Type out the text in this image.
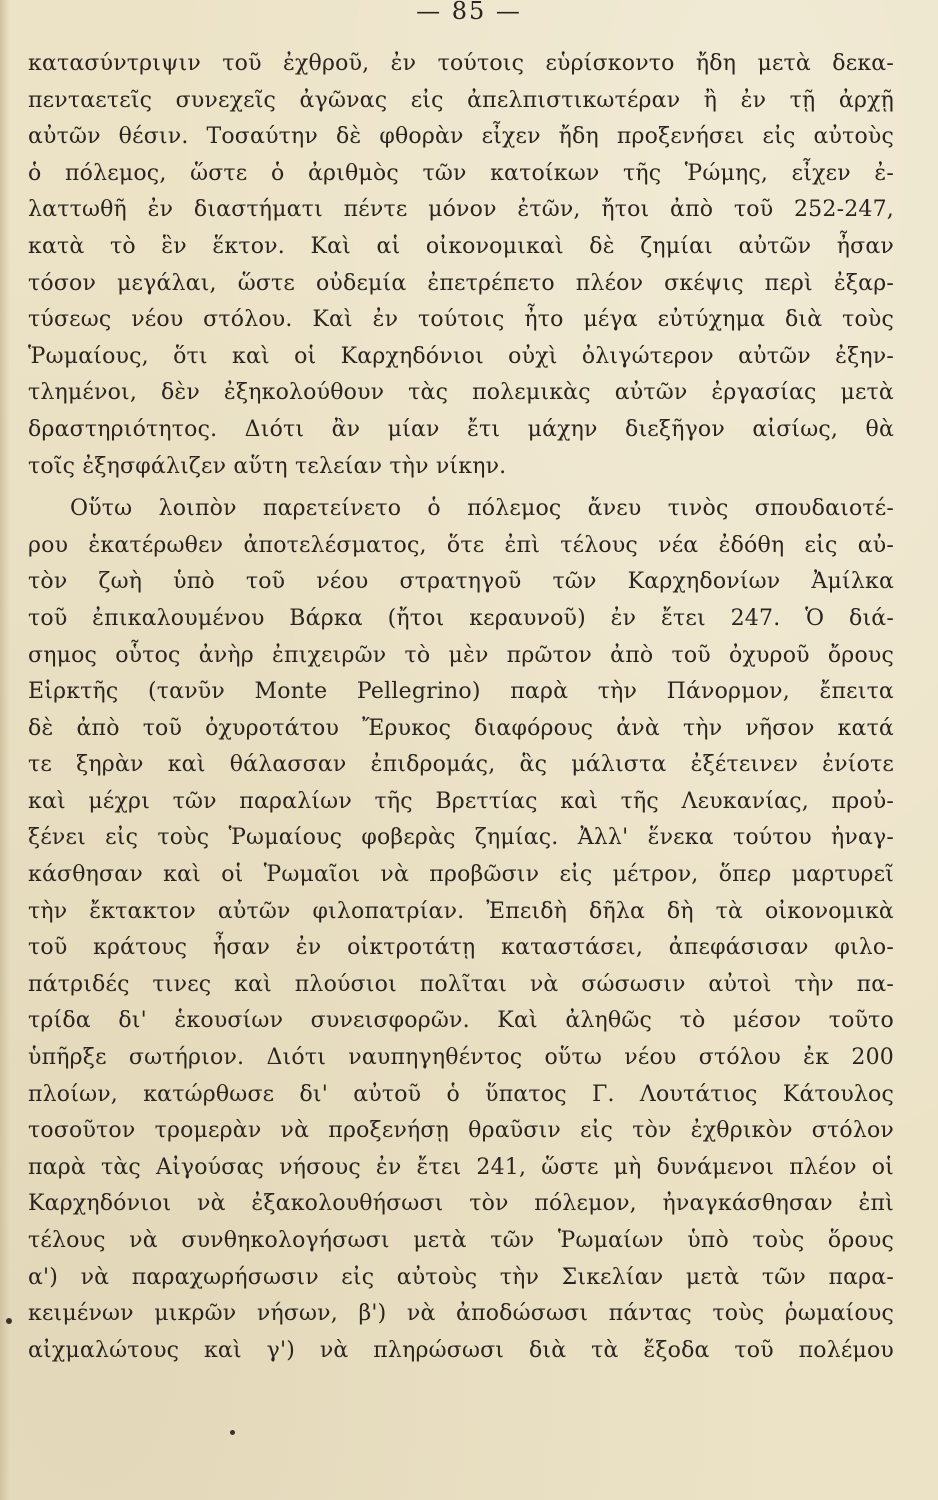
— 85 —
κατασύντριψιν τοῦ ἐχθροῦ, ἐν τούτοις εὑρίσκοντο ἤδη μετὰ δεκα-
πενταετεῖς συνεχεῖς ἀγῶνας εἰς ἀπελπιστικωτέραν ἢ ἐν τῇ ἀρχῇ
αὐτῶν θέσιν. Τοσαύτην δὲ φθορὰν εἶχεν ἤδη προξενήσει εἰς αὐτοὺς
ὁ πόλεμος, ὥστε ὁ ἀριθμὸς τῶν κατοίκων τῆς Ῥώμης, εἶχεν ἐ-
λαττωθῆ ἐν διαστήματι πέντε μόνον ἐτῶν, ἤτοι ἀπὸ τοῦ 252-247,
κατὰ τὸ ἓν ἕκτον. Καὶ αἱ οἰκονομικαὶ δὲ ζημίαι αὐτῶν ἦσαν
τόσον μεγάλαι, ὥστε οὐδεμία ἐπετρέπετο πλέον σκέψις περὶ ἐξαρ-
τύσεως νέου στόλου. Καὶ ἐν τούτοις ἦτο μέγα εὐτύχημα διὰ τοὺς
Ῥωμαίους, ὅτι καὶ οἱ Καρχηδόνιοι οὐχὶ ὀλιγώτερον αὐτῶν ἐξην-
τλημένοι, δὲν ἐξηκολούθουν τὰς πολεμικὰς αὐτῶν ἐργασίας μετὰ
δραστηριότητος. Διότι ἂν μίαν ἔτι μάχην διεξῆγον αἰσίως, θὰ
τοῖς ἐξησφάλιζεν αὕτη τελείαν τὴν νίκην.
Οὕτω λοιπὸν παρετείνετο ὁ πόλεμος ἄνευ τινὸς σπουδαιοτέ-
ρου ἑκατέρωθεν ἀποτελέσματος, ὅτε ἐπὶ τέλους νέα ἐδόθη εἰς αὐ-
τὸν ζωὴ ὑπὸ τοῦ νέου στρατηγοῦ τῶν Καρχηδονίων Ἀμίλκα
τοῦ ἐπικαλουμένου Βάρκα (ἤτοι κεραυνοῦ) ἐν ἔτει 247. Ὁ διά-
σημος οὗτος ἀνὴρ ἐπιχειρῶν τὸ μὲν πρῶτον ἀπὸ τοῦ ὀχυροῦ ὄρους
Εἱρκτῆς (τανῦν Monte Pellegrino) παρὰ τὴν Πάνορμον, ἔπειτα
δὲ ἀπὸ τοῦ ὀχυροτάτου Ἔρυκος διαφόρους ἀνὰ τὴν νῆσον κατά
τε ξηρὰν καὶ θάλασσαν ἐπιδρομάς, ἃς μάλιστα ἐξέτεινεν ἐνίοτε
καὶ μέχρι τῶν παραλίων τῆς Βρεττίας καὶ τῆς Λευκανίας, προὐ-
ξένει εἰς τοὺς Ῥωμαίους φοβερὰς ζημίας. Ἀλλ' ἕνεκα τούτου ἠναγ-
κάσθησαν καὶ οἱ Ῥωμαῖοι νὰ προβῶσιν εἰς μέτρον, ὅπερ μαρτυρεῖ
τὴν ἔκτακτον αὐτῶν φιλοπατρίαν. Ἐπειδὴ δῆλα δὴ τὰ οἰκονομικὰ
τοῦ κράτους ἦσαν ἐν οἰκτροτάτῃ καταστάσει, ἀπεφάσισαν φιλο-
πάτριδές τινες καὶ πλούσιοι πολῖται νὰ σώσωσιν αὐτοὶ τὴν πα-
τρίδα δι' ἑκουσίων συνεισφορῶν. Καὶ ἀληθῶς τὸ μέσον τοῦτο
ὑπῆρξε σωτήριον. Διότι ναυπηγηθέντος οὕτω νέου στόλου ἐκ 200
πλοίων, κατώρθωσε δι' αὐτοῦ ὁ ὕπατος Γ. Λουτάτιος Κάτουλος
τοσοῦτον τρομερὰν νὰ προξενήσῃ θραῦσιν εἰς τὸν ἐχθρικὸν στόλον
παρὰ τὰς Αἰγούσας νήσους ἐν ἔτει 241, ὥστε μὴ δυνάμενοι πλέον οἱ
Καρχηδόνιοι νὰ ἐξακολουθήσωσι τὸν πόλεμον, ἠναγκάσθησαν ἐπὶ
τέλους νὰ συνθηκολογήσωσι μετὰ τῶν Ῥωμαίων ὑπὸ τοὺς ὅρους
α') νὰ παραχωρήσωσιν εἰς αὐτοὺς τὴν Σικελίαν μετὰ τῶν παρα-
κειμένων μικρῶν νήσων, β') νὰ ἀποδώσωσι πάντας τοὺς ῥωμαίους
αἰχμαλώτους καὶ γ') νὰ πληρώσωσι διὰ τὰ ἔξοδα τοῦ πολέμου
